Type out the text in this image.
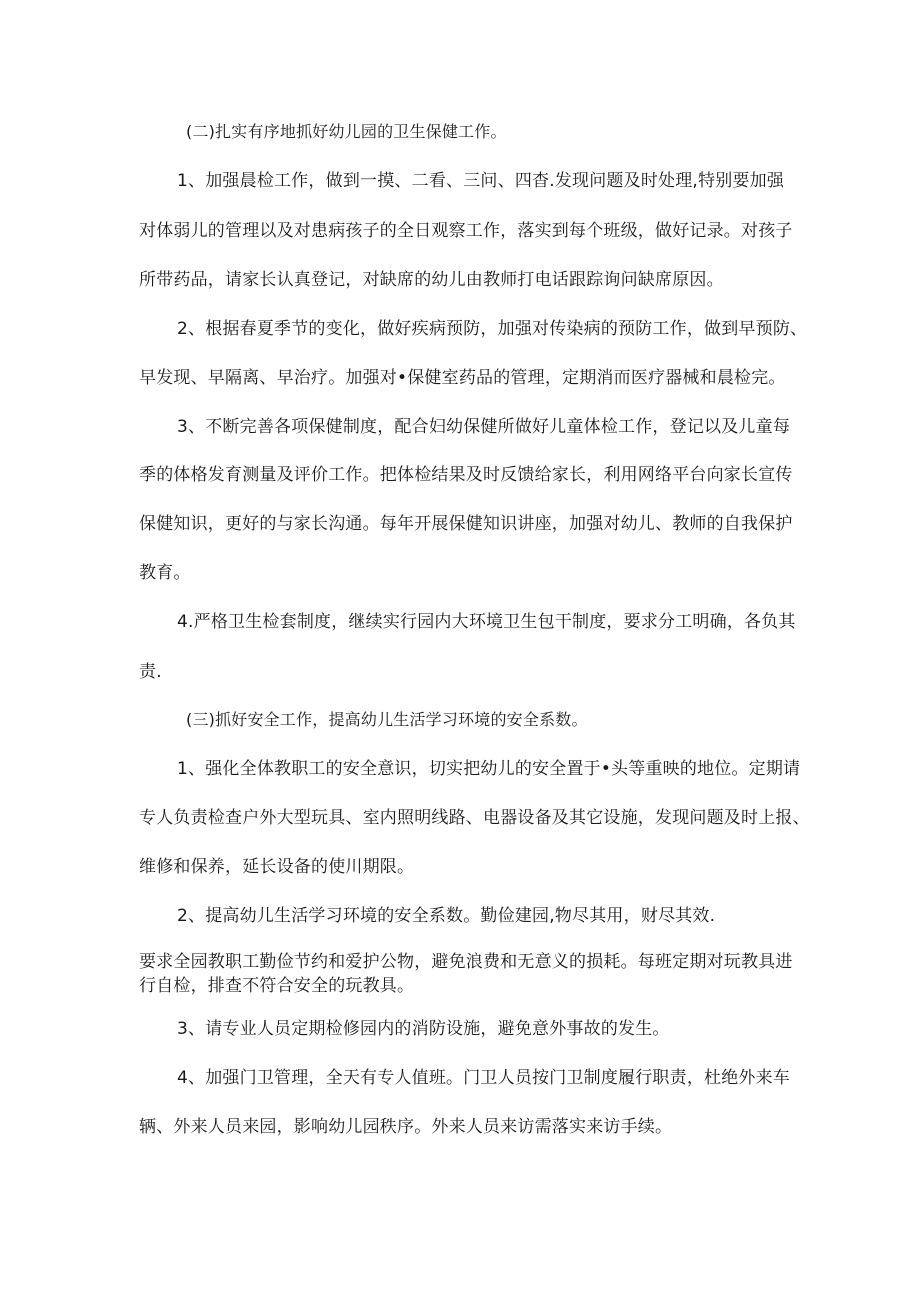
(二)扎实有序地抓好幼儿园的卫生保健工作。
1、加强晨检工作，做到一摸、二看、三问、四杳.发现问题及时处理,特别要加强
对体弱儿的管理以及对患病孩子的全日观察工作，落实到每个班级，做好记录。对孩子
所带药品，请家长认真登记，对缺席的幼儿由教师打电话跟踪询问缺席原因。
2、根据春夏季节的变化，做好疾病预防，加强对传染病的预防工作，做到早预防、
早发现、早隔离、早治疗。加强对•保健室药品的管理，定期消而医疗器械和晨检完。
3、不断完善各项保健制度，配合妇幼保健所做好儿童体检工作，登记以及儿童每
季的体格发育测量及评价工作。把体检结果及时反馈给家长，利用网络平台向家长宣传
保健知识，更好的与家长沟通。每年开展保健知识讲座，加强对幼儿、教师的自我保护
教育。
4.严格卫生检套制度，继续实行园内大环境卫生包干制度，要求分工明确，各负其
责.
(三)抓好安全工作，提高幼儿生活学习环境的安全系数。
1、强化全体教职工的安全意识，切实把幼儿的安全置于•头等重映的地位。定期请
专人负责检查户外大型玩具、室内照明线路、电器设备及其它设施，发现问题及时上报、
维修和保养，延长设备的使川期限。
2、提高幼儿生活学习环境的安全系数。勤俭建园,物尽其用，财尽其效.
要求全园教职工勤俭节约和爱护公物，避免浪费和无意义的损耗。每班定期对玩教具进
行自检，排查不符合安全的玩教具。
3、请专业人员定期检修园内的消防设施，避免意外事故的发生。
4、加强门卫管理，全天有专人值班。门卫人员按门卫制度履行职责，杜绝外来车
辆、外来人员来园，影响幼儿园秩序。外来人员来访需落实来访手续。
